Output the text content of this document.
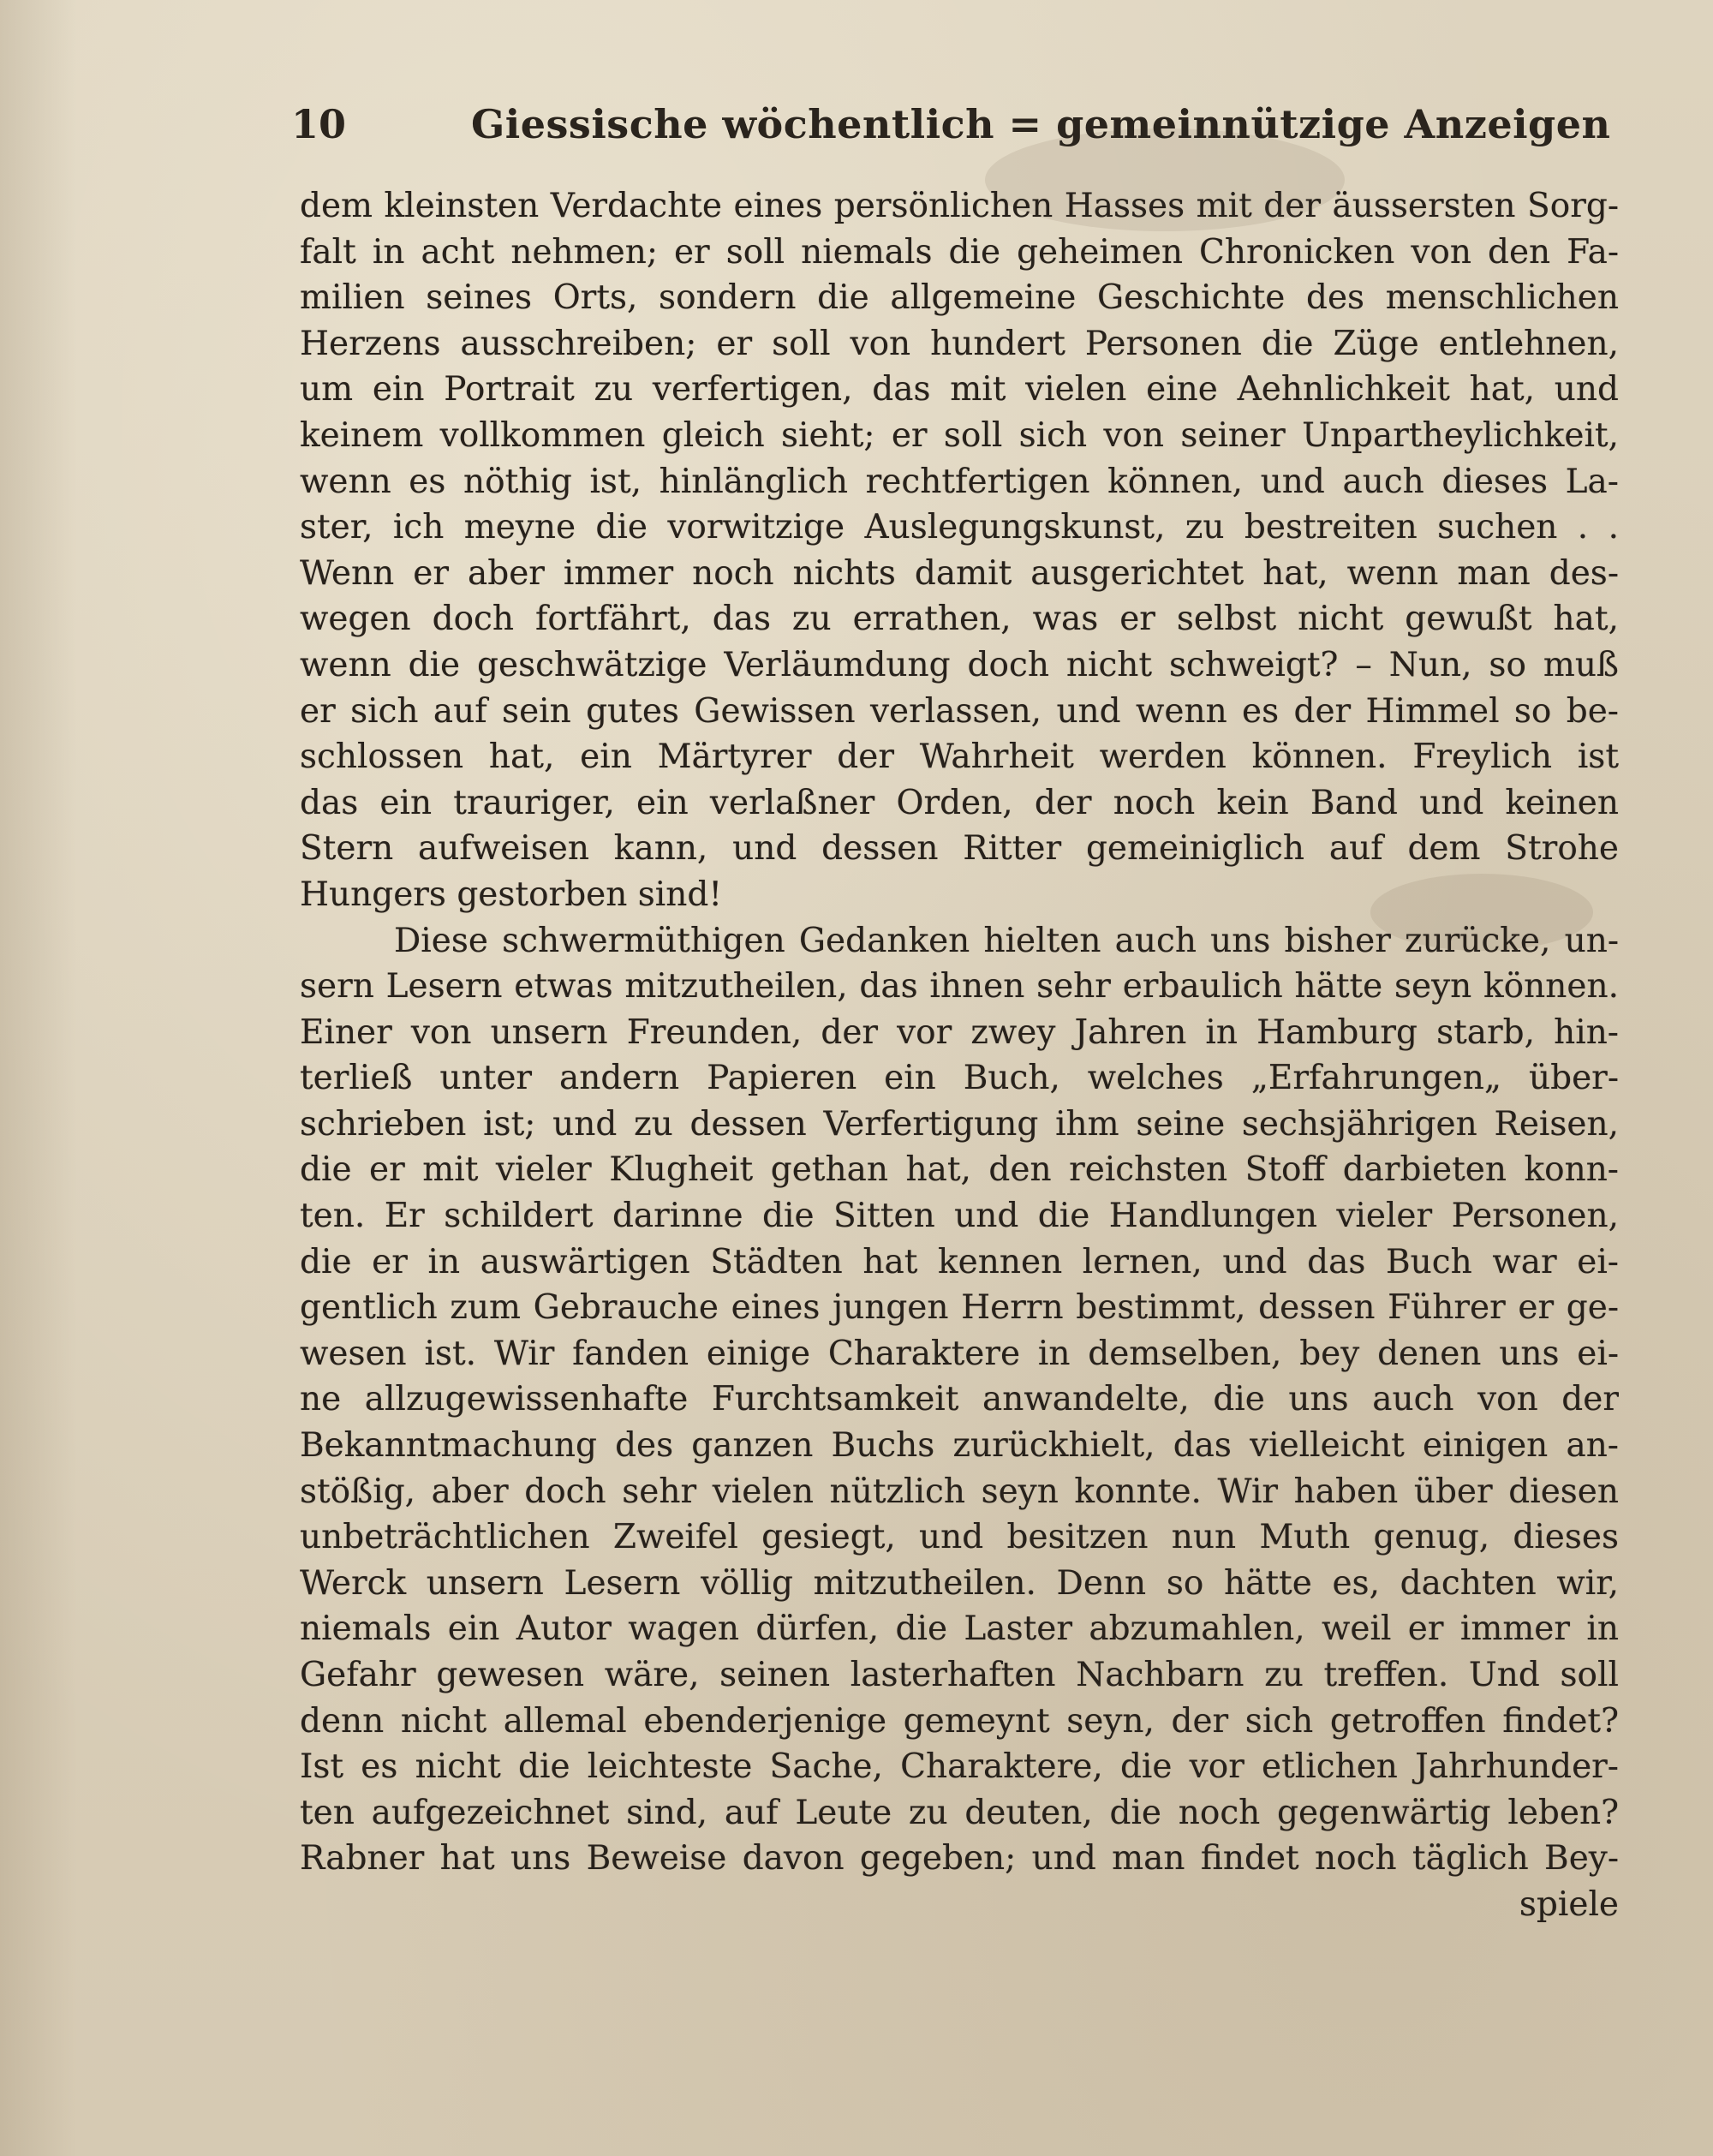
10	Giessische wöchentlich = gemeinnützige Anzeigen
dem kleinsten Verdachte eines persönlichen Hasses mit der äussersten Sorg-
falt in acht nehmen; er soll niemals die geheimen Chronicken von den Fa-
milien seines Orts, sondern die allgemeine Geschichte des menschlichen
Herzens ausschreiben; er soll von hundert Personen die Züge entlehnen,
um ein Portrait zu verfertigen, das mit vielen eine Aehnlichkeit hat, und
keinem vollkommen gleich sieht; er soll sich von seiner Unpartheylichkeit,
wenn es nöthig ist, hinlänglich rechtfertigen können, und auch dieses La-
ster, ich meyne die vorwitzige Auslegungskunst, zu bestreiten suchen . .
Wenn er aber immer noch nichts damit ausgerichtet hat, wenn man des-
wegen doch fortfährt, das zu errathen, was er selbst nicht gewußt hat,
wenn die geschwätzige Verläumdung doch nicht schweigt? – Nun, so muß
er sich auf sein gutes Gewissen verlassen, und wenn es der Himmel so be-
schlossen hat, ein Märtyrer der Wahrheit werden können. Freylich ist
das ein trauriger, ein verlaßner Orden, der noch kein Band und keinen
Stern aufweisen kann, und dessen Ritter gemeiniglich auf dem Strohe
Hungers gestorben sind!
Diese schwermüthigen Gedanken hielten auch uns bisher zurücke, un-
sern Lesern etwas mitzutheilen, das ihnen sehr erbaulich hätte seyn können.
Einer von unsern Freunden, der vor zwey Jahren in Hamburg starb, hin-
terließ unter andern Papieren ein Buch, welches „Erfahrungen„ über-
schrieben ist; und zu dessen Verfertigung ihm seine sechsjährigen Reisen,
die er mit vieler Klugheit gethan hat, den reichsten Stoff darbieten konn-
ten. Er schildert darinne die Sitten und die Handlungen vieler Personen,
die er in auswärtigen Städten hat kennen lernen, und das Buch war ei-
gentlich zum Gebrauche eines jungen Herrn bestimmt, dessen Führer er ge-
wesen ist. Wir fanden einige Charaktere in demselben, bey denen uns ei-
ne allzugewissenhafte Furchtsamkeit anwandelte, die uns auch von der
Bekanntmachung des ganzen Buchs zurückhielt, das vielleicht einigen an-
stößig, aber doch sehr vielen nützlich seyn konnte. Wir haben über diesen
unbeträchtlichen Zweifel gesiegt, und besitzen nun Muth genug, dieses
Werck unsern Lesern völlig mitzutheilen. Denn so hätte es, dachten wir,
niemals ein Autor wagen dürfen, die Laster abzumahlen, weil er immer in
Gefahr gewesen wäre, seinen lasterhaften Nachbarn zu treffen. Und soll
denn nicht allemal ebenderjenige gemeynt seyn, der sich getroffen findet?
Ist es nicht die leichteste Sache, Charaktere, die vor etlichen Jahrhunder-
ten aufgezeichnet sind, auf Leute zu deuten, die noch gegenwärtig leben?
Rabner hat uns Beweise davon gegeben; und man findet noch täglich Bey-
spiele
